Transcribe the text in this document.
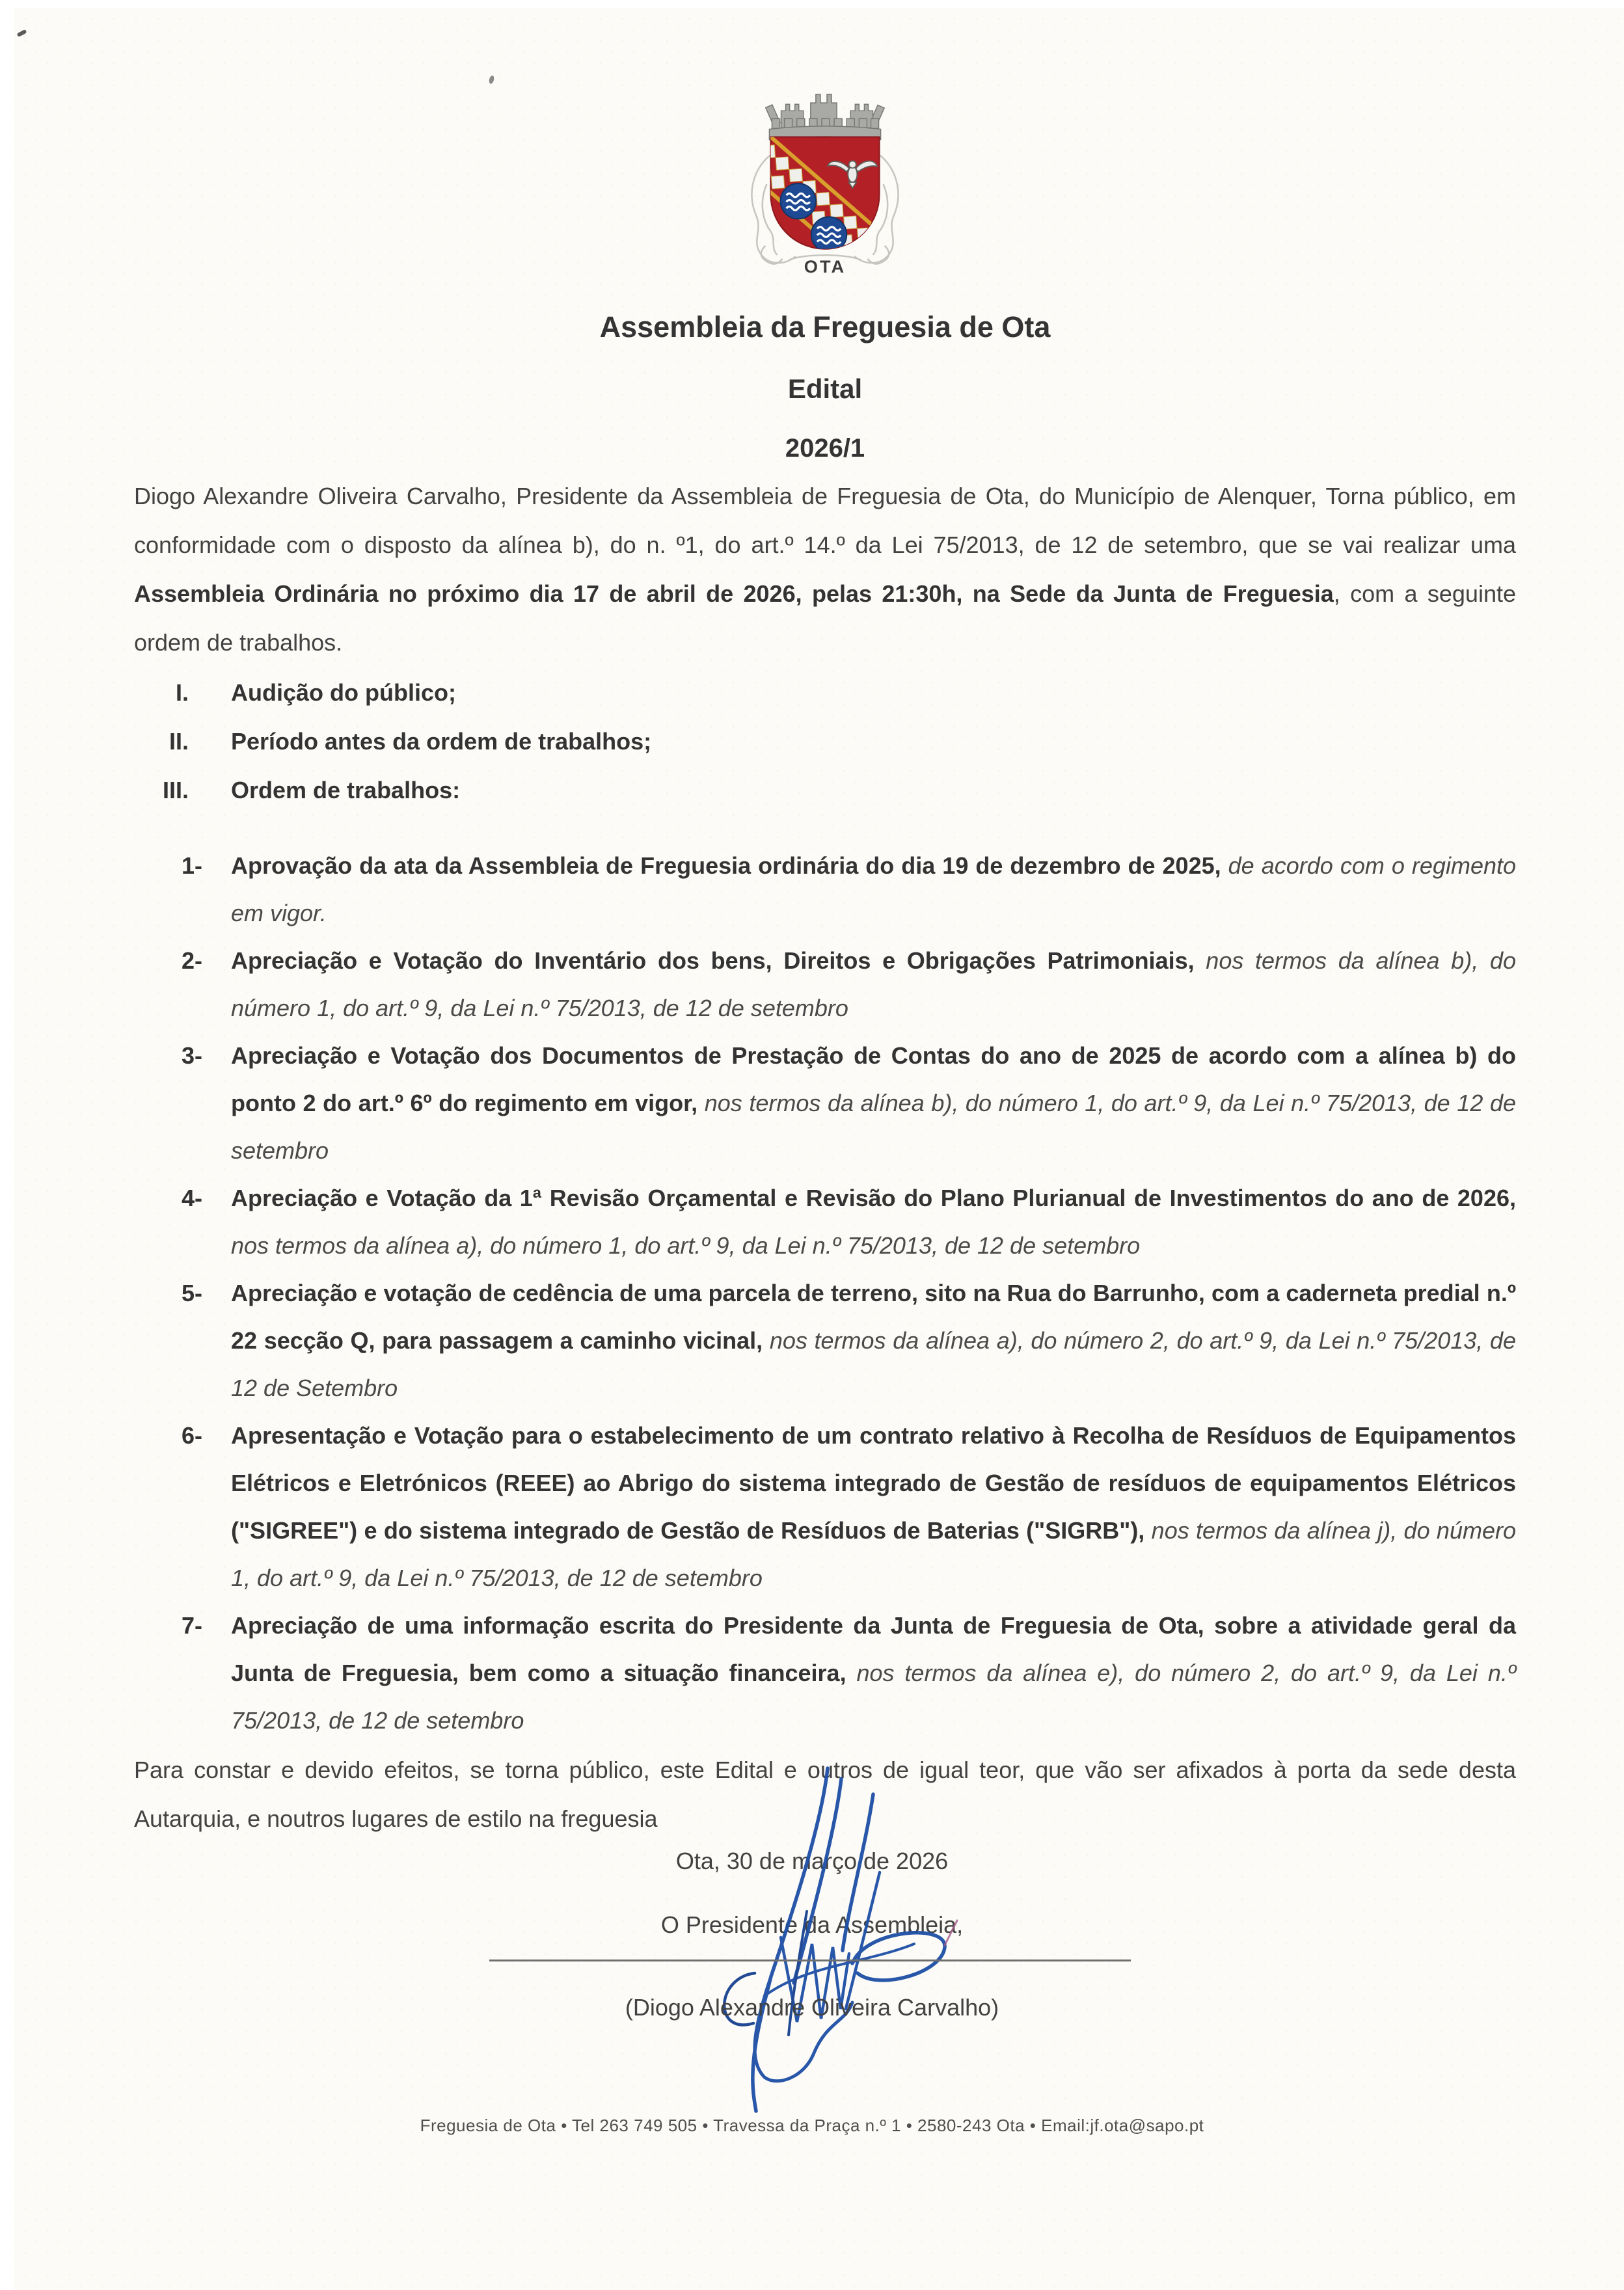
OTA
Assembleia da Freguesia de Ota
Edital
2026/1

Diogo Alexandre Oliveira Carvalho, Presidente da Assembleia de Freguesia de Ota, do Município de Alenquer, Torna público, em conformidade com o disposto da alínea b), do n. º1, do art.º 14.º da Lei 75/2013, de 12 de setembro, que se vai realizar uma Assembleia Ordinária no próximo dia 17 de abril de 2026, pelas 21:30h, na Sede da Junta de Freguesia, com a seguinte ordem de trabalhos.

I. Audição do público;
II. Período antes da ordem de trabalhos;
III. Ordem de trabalhos:
1-	Aprovação da ata da Assembleia de Freguesia ordinária do dia 19 de dezembro de 2025, de acordo com o regimento em vigor.
2-	Apreciação e Votação do Inventário dos bens, Direitos e Obrigações Patrimoniais, nos termos da alínea b), do número 1, do art.º 9, da Lei n.º 75/2013, de 12 de setembro
3-	Apreciação e Votação dos Documentos de Prestação de Contas do ano de 2025 de acordo com a alínea b) do ponto 2 do art.º 6º do regimento em vigor, nos termos da alínea b), do número 1, do art.º 9, da Lei n.º 75/2013, de 12 de setembro
4-	Apreciação e Votação da 1ª Revisão Orçamental e Revisão do Plano Plurianual de Investimentos do ano de 2026, nos termos da alínea a), do número 1, do art.º 9, da Lei n.º 75/2013, de 12 de setembro
5-	Apreciação e votação de cedência de uma parcela de terreno, sito na Rua do Barrunho, com a caderneta predial n.º 22 secção Q, para passagem a caminho vicinal, nos termos da alínea a), do número 2, do art.º 9, da Lei n.º 75/2013, de 12 de Setembro
6-	Apresentação e Votação para o estabelecimento de um contrato relativo à Recolha de Resíduos de Equipamentos Elétricos e Eletrónicos (REEE) ao Abrigo do sistema integrado de Gestão de resíduos de equipamentos Elétricos ("SIGREE") e do sistema integrado de Gestão de Resíduos de Baterias ("SIGRB"), nos termos da alínea j), do número 1, do art.º 9, da Lei n.º 75/2013, de 12 de setembro
7-	Apreciação de uma informação escrita do Presidente da Junta de Freguesia de Ota, sobre a atividade geral da Junta de Freguesia, bem como a situação financeira, nos termos da alínea e), do número 2, do art.º 9, da Lei n.º 75/2013, de 12 de setembro

Para constar e devido efeitos, se torna público, este Edital e outros de igual teor, que vão ser afixados à porta da sede desta Autarquia, e noutros lugares de estilo na freguesia

Ota, 30 de março de 2026
O Presidente da Assembleia,
(Diogo Alexandre Oliveira Carvalho)
Freguesia de Ota • Tel 263 749 505 • Travessa da Praça n.º 1 • 2580-243 Ota • Email:jf.ota@sapo.pt
